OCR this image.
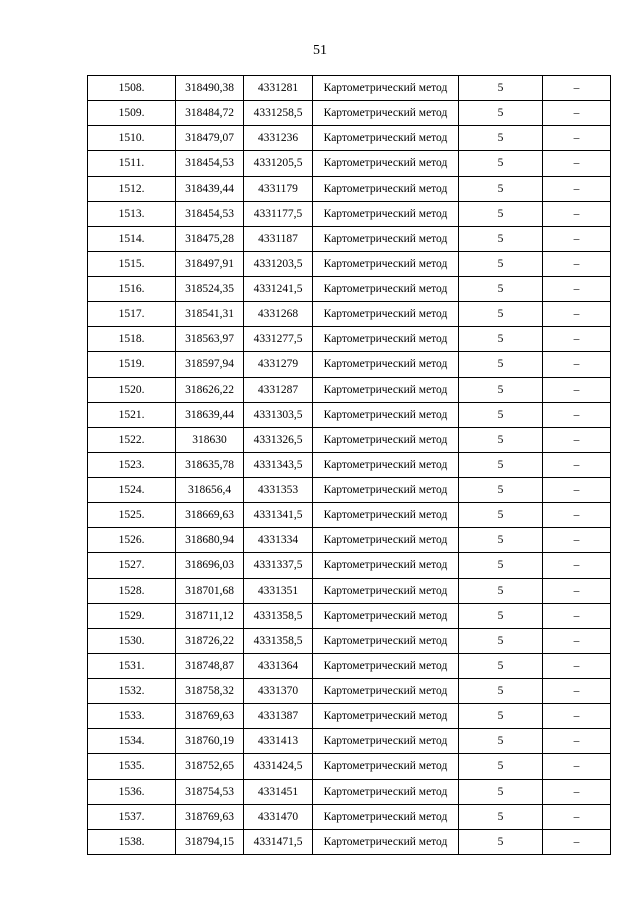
51
1508.	318490,38	4331281	Картометрический метод	5	–
1509.	318484,72	4331258,5	Картометрический метод	5	–
1510.	318479,07	4331236	Картометрический метод	5	–
1511.	318454,53	4331205,5	Картометрический метод	5	–
1512.	318439,44	4331179	Картометрический метод	5	–
1513.	318454,53	4331177,5	Картометрический метод	5	–
1514.	318475,28	4331187	Картометрический метод	5	–
1515.	318497,91	4331203,5	Картометрический метод	5	–
1516.	318524,35	4331241,5	Картометрический метод	5	–
1517.	318541,31	4331268	Картометрический метод	5	–
1518.	318563,97	4331277,5	Картометрический метод	5	–
1519.	318597,94	4331279	Картометрический метод	5	–
1520.	318626,22	4331287	Картометрический метод	5	–
1521.	318639,44	4331303,5	Картометрический метод	5	–
1522.	318630	4331326,5	Картометрический метод	5	–
1523.	318635,78	4331343,5	Картометрический метод	5	–
1524.	318656,4	4331353	Картометрический метод	5	–
1525.	318669,63	4331341,5	Картометрический метод	5	–
1526.	318680,94	4331334	Картометрический метод	5	–
1527.	318696,03	4331337,5	Картометрический метод	5	–
1528.	318701,68	4331351	Картометрический метод	5	–
1529.	318711,12	4331358,5	Картометрический метод	5	–
1530.	318726,22	4331358,5	Картометрический метод	5	–
1531.	318748,87	4331364	Картометрический метод	5	–
1532.	318758,32	4331370	Картометрический метод	5	–
1533.	318769,63	4331387	Картометрический метод	5	–
1534.	318760,19	4331413	Картометрический метод	5	–
1535.	318752,65	4331424,5	Картометрический метод	5	–
1536.	318754,53	4331451	Картометрический метод	5	–
1537.	318769,63	4331470	Картометрический метод	5	–
1538.	318794,15	4331471,5	Картометрический метод	5	–
